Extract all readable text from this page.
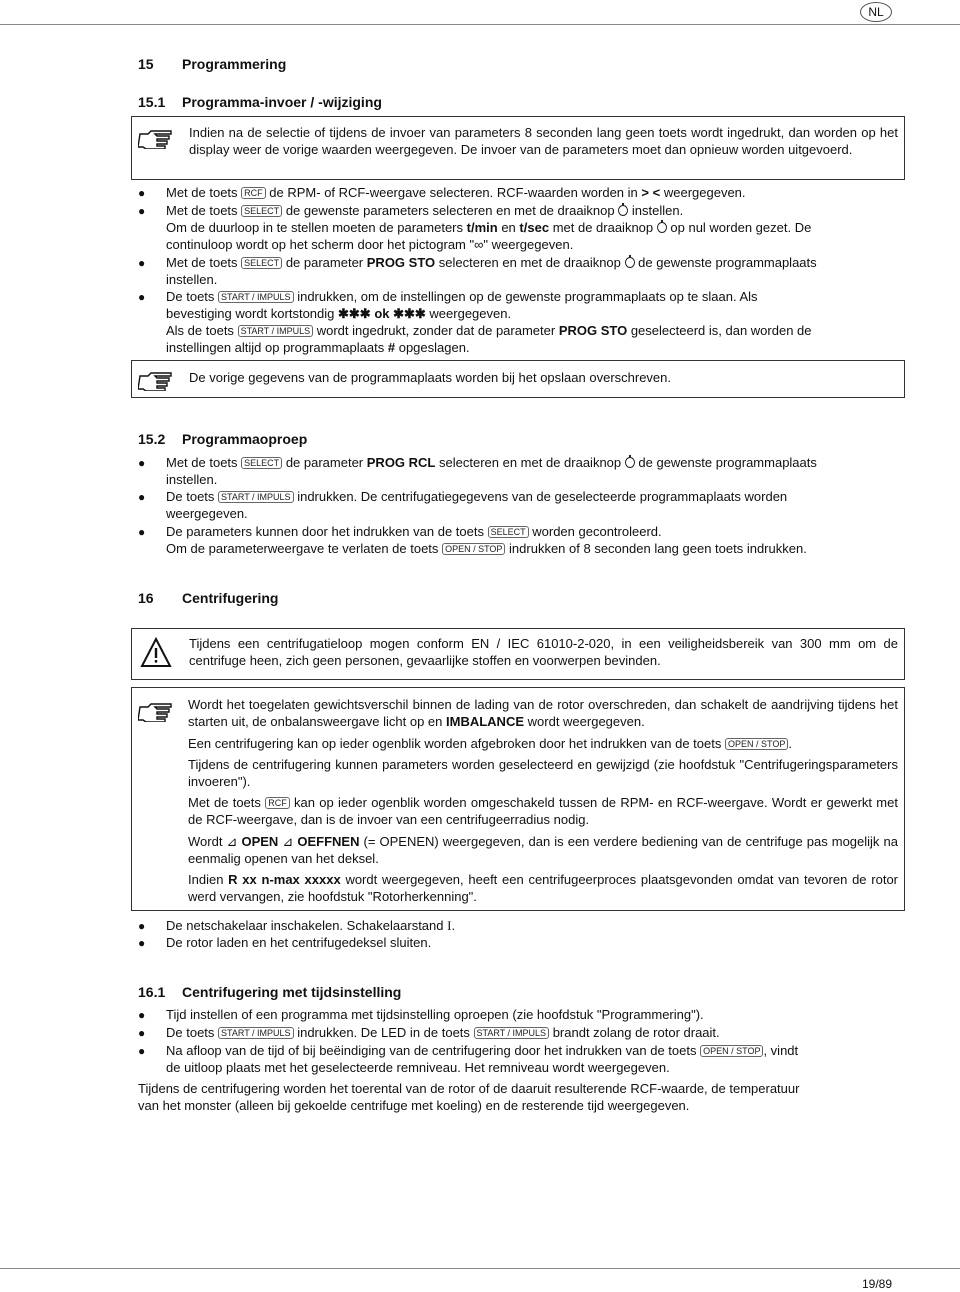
NL
15 Programmering
15.1 Programma-invoer / -wijziging
Indien na de selectie of tijdens de invoer van parameters 8 seconden lang geen toets wordt ingedrukt, dan worden op het display weer de vorige waarden weergegeven. De invoer van de parameters moet dan opnieuw worden uitgevoerd.
● Met de toets RCF de RPM- of RCF-weergave selecteren. RCF-waarden worden in > < weergegeven.
● Met de toets SELECT de gewenste parameters selecteren en met de draaiknop instellen.
Om de duurloop in te stellen moeten de parameters t/min en t/sec met de draaiknop op nul worden gezet. De
continuloop wordt op het scherm door het pictogram "∞" weergegeven.
● Met de toets SELECT de parameter PROG STO selecteren en met de draaiknop de gewenste programmaplaats
instellen.
● De toets START / IMPULS indrukken, om de instellingen op de gewenste programmaplaats op te slaan. Als
bevestiging wordt kortstondig ✱✱✱ ok ✱✱✱ weergegeven.
Als de toets START / IMPULS wordt ingedrukt, zonder dat de parameter PROG STO geselecteerd is, dan worden de
instellingen altijd op programmaplaats # opgeslagen.
De vorige gegevens van de programmaplaats worden bij het opslaan overschreven.
15.2 Programmaoproep
● Met de toets SELECT de parameter PROG RCL selecteren en met de draaiknop de gewenste programmaplaats
instellen.
● De toets START / IMPULS indrukken. De centrifugatiegegevens van de geselecteerde programmaplaats worden
weergegeven.
● De parameters kunnen door het indrukken van de toets SELECT worden gecontroleerd.
Om de parameterweergave te verlaten de toets OPEN / STOP indrukken of 8 seconden lang geen toets indrukken.
16 Centrifugering
Tijdens een centrifugatieloop mogen conform EN / IEC 61010-2-020, in een veiligheidsbereik van 300 mm om de centrifuge heen, zich geen personen, gevaarlijke stoffen en voorwerpen bevinden.
Wordt het toegelaten gewichtsverschil binnen de lading van de rotor overschreden, dan schakelt de aandrijving tijdens het starten uit, de onbalansweergave licht op en IMBALANCE wordt weergegeven.
Een centrifugering kan op ieder ogenblik worden afgebroken door het indrukken van de toets OPEN / STOP .
Tijdens de centrifugering kunnen parameters worden geselecteerd en gewijzigd (zie hoofdstuk "Centrifugeringsparameters invoeren").
Met de toets RCF kan op ieder ogenblik worden omgeschakeld tussen de RPM- en RCF-weergave. Wordt er gewerkt met de RCF-weergave, dan is de invoer van een centrifugeerradius nodig.
Wordt ⊿ OPEN ⊿ OEFFNEN (= OPENEN) weergegeven, dan is een verdere bediening van de centrifuge pas mogelijk na eenmalig openen van het deksel.
Indien R xx n-max xxxxx wordt weergegeven, heeft een centrifugeerproces plaatsgevonden omdat van tevoren de rotor werd vervangen, zie hoofdstuk "Rotorherkenning".
● De netschakelaar inschakelen. Schakelaarstand I.
● De rotor laden en het centrifugedeksel sluiten.
16.1 Centrifugering met tijdsinstelling
● Tijd instellen of een programma met tijdsinstelling oproepen (zie hoofdstuk "Programmering").
● De toets START / IMPULS indrukken. De LED in de toets START / IMPULS brandt zolang de rotor draait.
● Na afloop van de tijd of bij beëindiging van de centrifugering door het indrukken van de toets OPEN / STOP , vindt
de uitloop plaats met het geselecteerde remniveau. Het remniveau wordt weergegeven.
Tijdens de centrifugering worden het toerental van de rotor of de daaruit resulterende RCF-waarde, de temperatuur
van het monster (alleen bij gekoelde centrifuge met koeling) en de resterende tijd weergegeven.
19/89
